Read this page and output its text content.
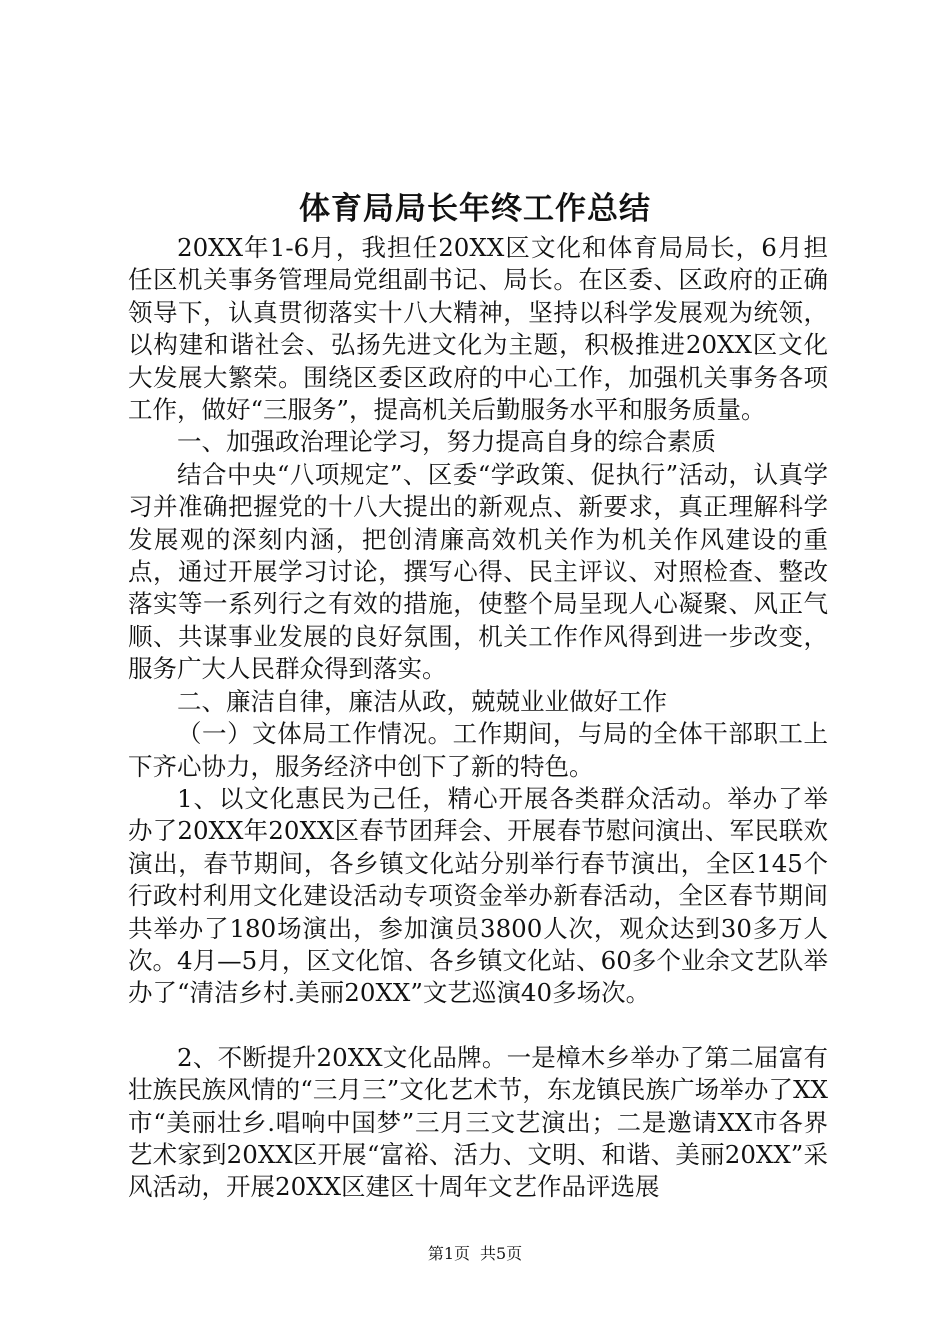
体育局局长年终工作总结

20XX年1-6月，我担任20XX区文化和体育局局长，6月担任区机关事务管理局党组副书记、局长。在区委、区政府的正确领导下，认真贯彻落实十八大精神，坚持以科学发展观为统领，以构建和谐社会、弘扬先进文化为主题，积极推进20XX区文化大发展大繁荣。围绕区委区政府的中心工作，加强机关事务各项工作，做好“三服务”，提高机关后勤服务水平和服务质量。

一、加强政治理论学习，努力提高自身的综合素质

结合中央“八项规定”、区委“学政策、促执行”活动，认真学习并准确把握党的十八大提出的新观点、新要求，真正理解科学发展观的深刻内涵，把创清廉高效机关作为机关作风建设的重点，通过开展学习讨论，撰写心得、民主评议、对照检查、整改落实等一系列行之有效的措施，使整个局呈现人心凝聚、风正气顺、共谋事业发展的良好氛围，机关工作作风得到进一步改变，服务广大人民群众得到落实。

二、廉洁自律，廉洁从政，兢兢业业做好工作

（一）文体局工作情况。工作期间，与局的全体干部职工上下齐心协力，服务经济中创下了新的特色。

1、以文化惠民为己任，精心开展各类群众活动。举办了举办了20XX年20XX区春节团拜会、开展春节慰问演出、军民联欢演出，春节期间，各乡镇文化站分别举行春节演出，全区145个行政村利用文化建设活动专项资金举办新春活动，全区春节期间共举办了180场演出，参加演员3800人次，观众达到30多万人次。4月—5月，区文化馆、各乡镇文化站、60多个业余文艺队举办了“清洁乡村.美丽20XX”文艺巡演40多场次。

2、不断提升20XX文化品牌。一是樟木乡举办了第二届富有壮族民族风情的“三月三”文化艺术节，东龙镇民族广场举办了XX市“美丽壮乡.唱响中国梦”三月三文艺演出；二是邀请XX市各界艺术家到20XX区开展“富裕、活力、文明、和谐、美丽20XX”采风活动，开展20XX区建区十周年文艺作品评选展

第1页 共5页
